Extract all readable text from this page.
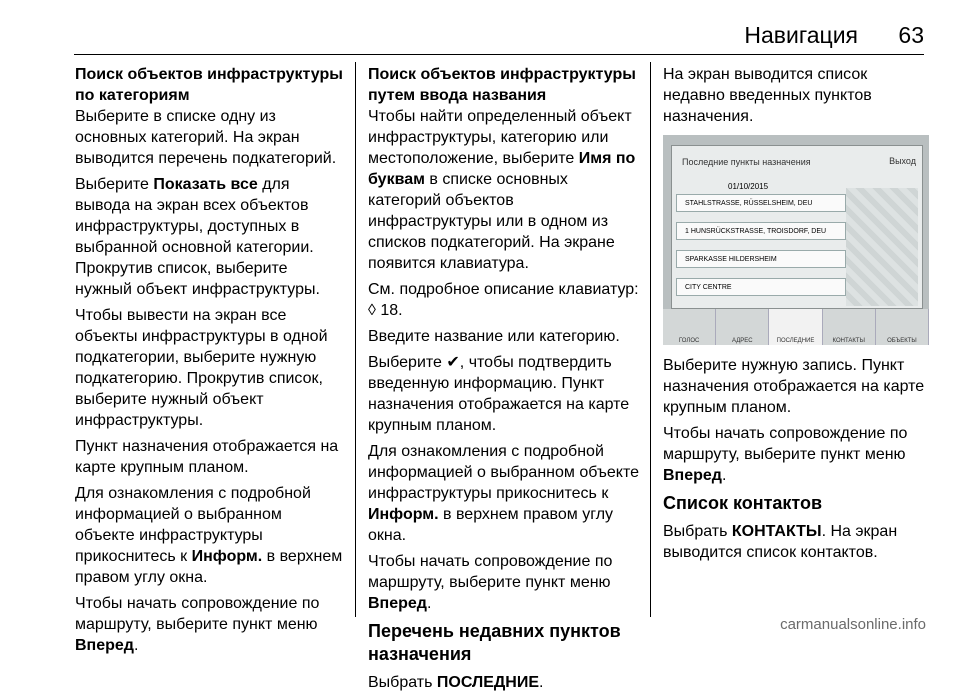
Навигация 63
Поиск объектов инфраструктуры по категориям

Выберите в списке одну из основных категорий. На экран выводится перечень подкатегорий.

Выберите Показать все для вывода на экран всех объектов инфраструктуры, доступных в выбранной основной категории. Прокрутив список, выберите нужный объект инфраструктуры.

Чтобы вывести на экран все объекты инфраструктуры в одной подкатегории, выберите нужную подкатегорию. Прокрутив список, выберите нужный объект инфраструктуры.

Пункт назначения отображается на карте крупным планом.

Для ознакомления с подробной информацией о выбранном объекте инфраструктуры прикоснитесь к Информ. в верхнем правом углу окна.

Чтобы начать сопровождение по маршруту, выберите пункт меню Вперед.

Поиск объектов инфраструктуры путем ввода названия

Чтобы найти определенный объект инфраструктуры, категорию или местоположение, выберите Имя по буквам в списке основных категорий объектов инфраструктуры или в одном из списков подкатегорий. На экране появится клавиатура.

См. подробное описание клавиатур: ◊ 18.

Введите название или категорию.

Выберите ✔, чтобы подтвердить введенную информацию. Пункт назначения отображается на карте крупным планом.

Для ознакомления с подробной информацией о выбранном объекте инфраструктуры прикоснитесь к Информ. в верхнем правом углу окна.

Чтобы начать сопровождение по маршруту, выберите пункт меню Вперед.

Перечень недавних пунктов назначения

Выбрать ПОСЛЕДНИЕ.

На экран выводится список недавно введенных пунктов назначения.

Последние пункты назначения	Выход
01/10/2015
STAHLSTRASSE, RÜSSELSHEIM, DEU
1 HUNSRÜCKSTRASSE, TROISDORF, DEU
SPARKASSE HILDERSHEIM
CITY CENTRE
ГОЛОС	АДРЕС	ПОСЛЕДНИЕ	КОНТАКТЫ	ОБЪЕКТЫ

Выберите нужную запись. Пункт назначения отображается на карте крупным планом.

Чтобы начать сопровождение по маршруту, выберите пункт меню Вперед.

Список контактов

Выбрать КОНТАКТЫ. На экран выводится список контактов.

carmanualsonline.info
